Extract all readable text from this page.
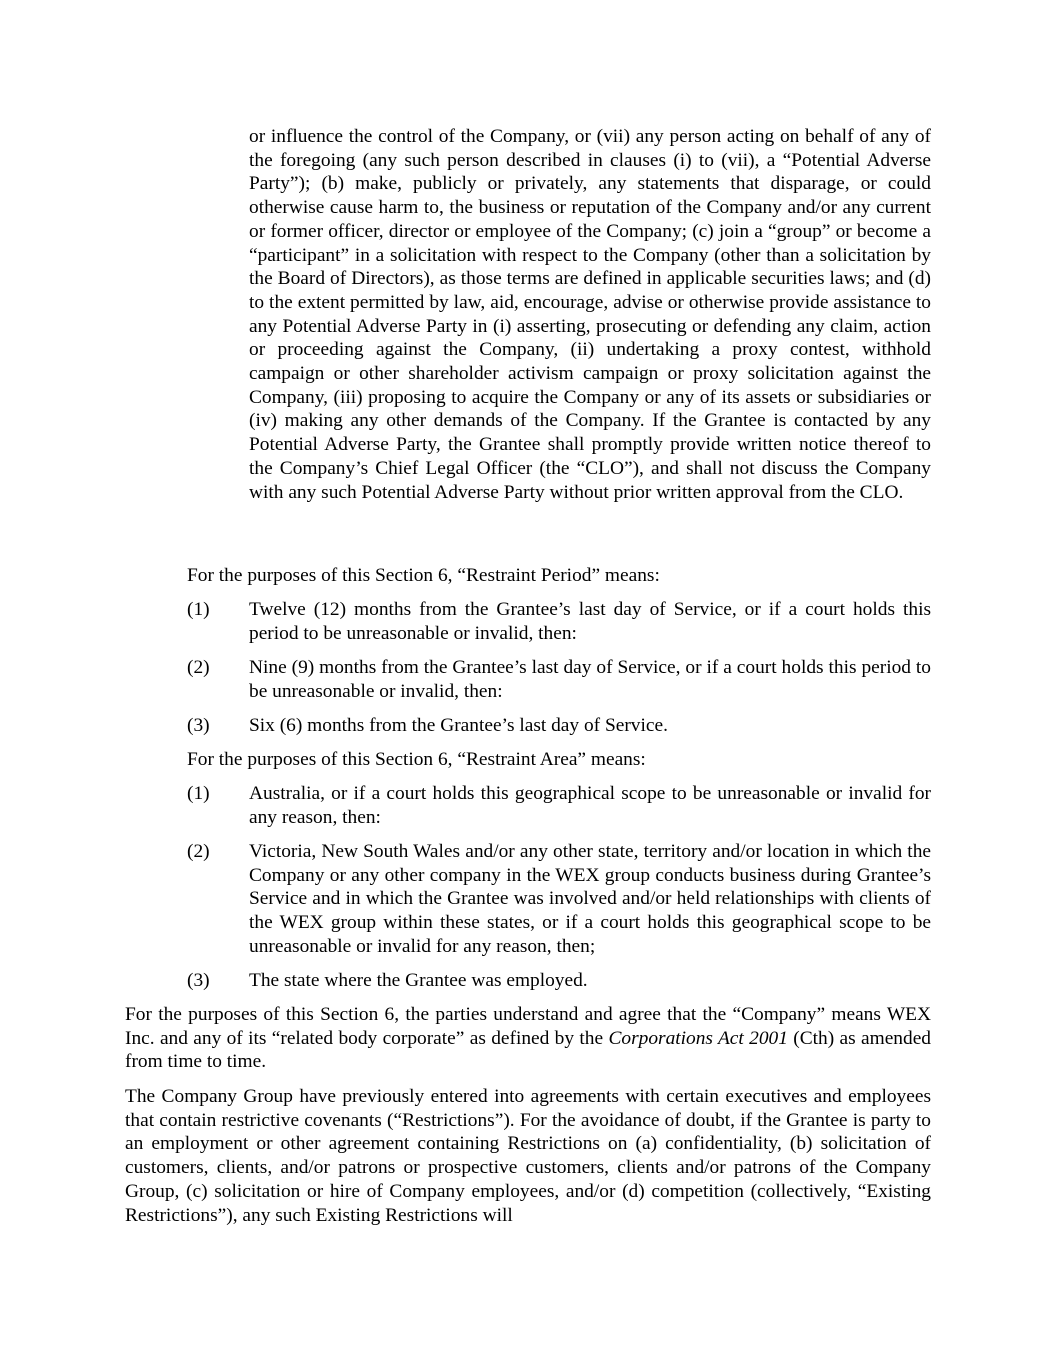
or influence the control of the Company, or (vii) any person acting on behalf of any of the foregoing (any such person described in clauses (i) to (vii), a “Potential Adverse Party”); (b) make, publicly or privately, any statements that disparage, or could otherwise cause harm to, the business or reputation of the Company and/or any current or former officer, director or employee of the Company; (c) join a “group” or become a “participant” in a solicitation with respect to the Company (other than a solicitation by the Board of Directors), as those terms are defined in applicable securities laws; and (d) to the extent permitted by law, aid, encourage, advise or otherwise provide assistance to any Potential Adverse Party in (i) asserting, prosecuting or defending any claim, action or proceeding against the Company, (ii) undertaking a proxy contest, withhold campaign or other shareholder activism campaign or proxy solicitation against the Company, (iii) proposing to acquire the Company or any of its assets or subsidiaries or (iv) making any other demands of the Company. If the Grantee is contacted by any Potential Adverse Party, the Grantee shall promptly provide written notice thereof to the Company’s Chief Legal Officer (the “CLO”), and shall not discuss the Company with any such Potential Adverse Party without prior written approval from the CLO.

For the purposes of this Section 6, “Restraint Period” means:

(1)	Twelve (12) months from the Grantee’s last day of Service, or if a court holds this period to be unreasonable or invalid, then:

(2)	Nine (9) months from the Grantee’s last day of Service, or if a court holds this period to be unreasonable or invalid, then:

(3)	Six (6) months from the Grantee’s last day of Service.

For the purposes of this Section 6, “Restraint Area” means:

(1)	Australia, or if a court holds this geographical scope to be unreasonable or invalid for any reason, then:

(2)	Victoria, New South Wales and/or any other state, territory and/or location in which the Company or any other company in the WEX group conducts business during Grantee’s Service and in which the Grantee was involved and/or held relationships with clients of the WEX group within these states, or if a court holds this geographical scope to be unreasonable or invalid for any reason, then;

(3)	The state where the Grantee was employed.

For the purposes of this Section 6, the parties understand and agree that the “Company” means WEX Inc. and any of its “related body corporate” as defined by the Corporations Act 2001 (Cth) as amended from time to time.

The Company Group have previously entered into agreements with certain executives and employees that contain restrictive covenants (“Restrictions”). For the avoidance of doubt, if the Grantee is party to an employment or other agreement containing Restrictions on (a) confidentiality, (b) solicitation of customers, clients, and/or patrons or prospective customers, clients and/or patrons of the Company Group, (c) solicitation or hire of Company employees, and/or (d) competition (collectively, “Existing Restrictions”), any such Existing Restrictions will
